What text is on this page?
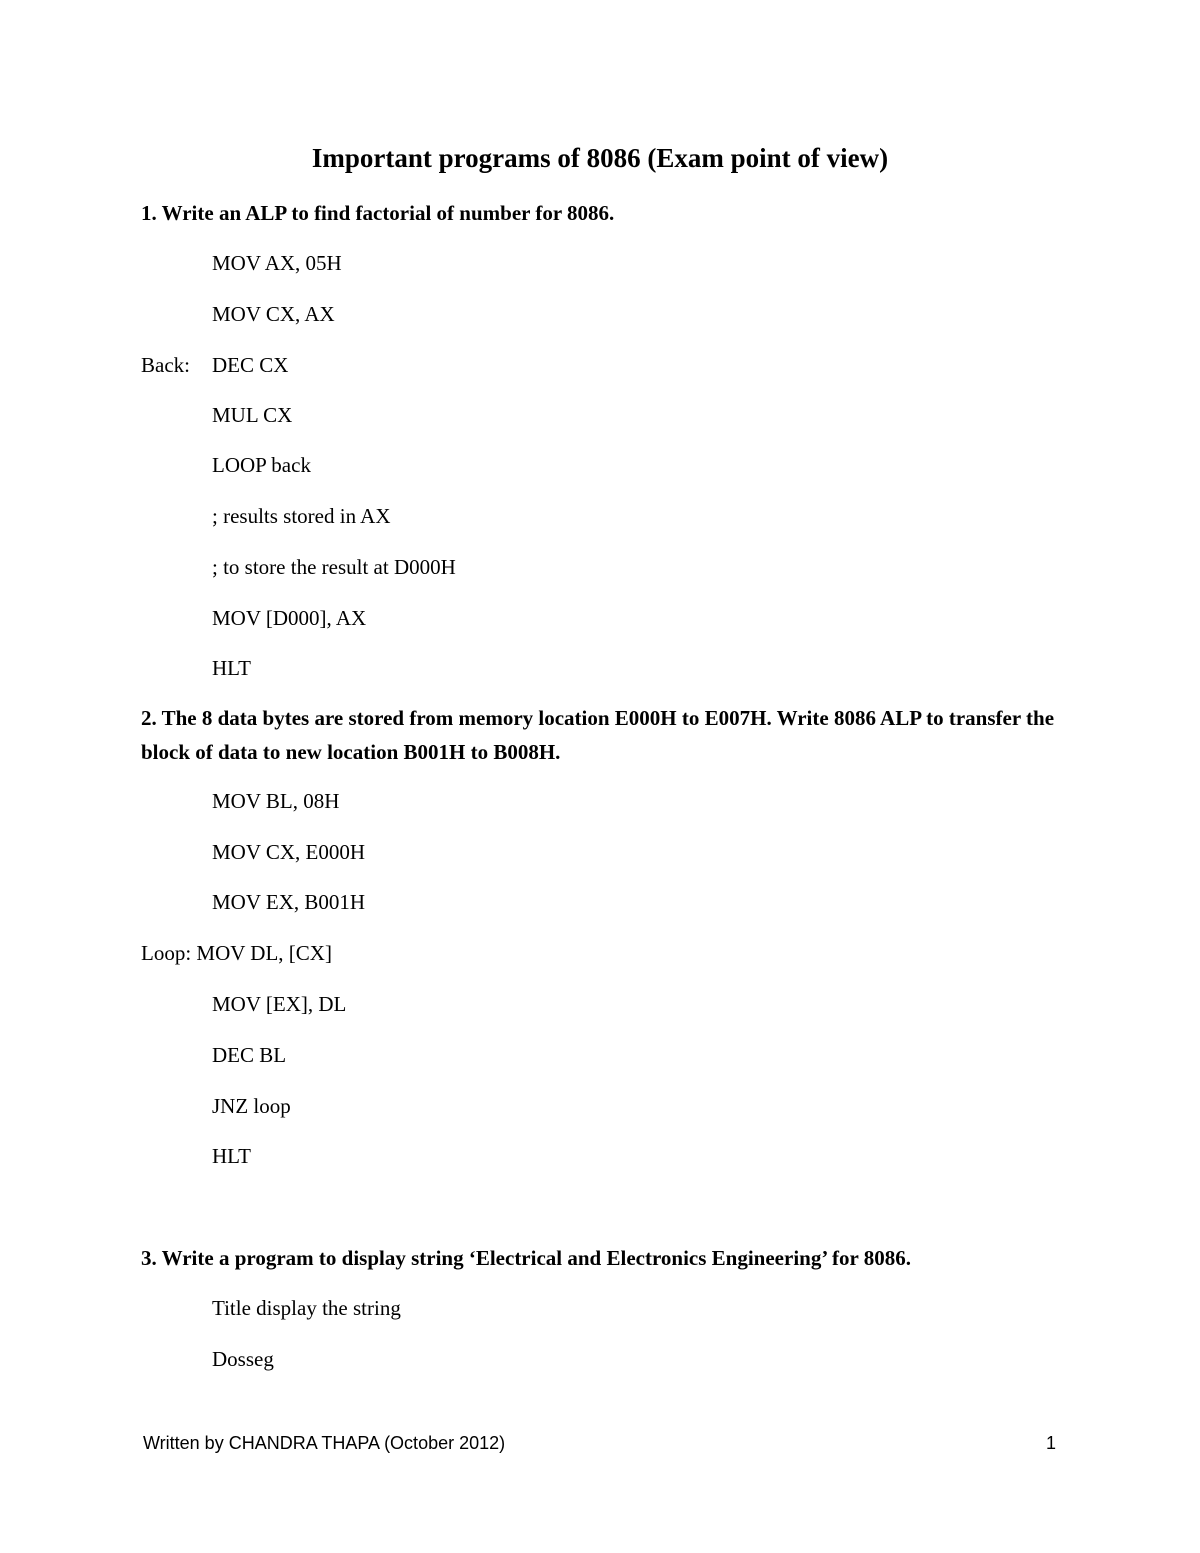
Important programs of 8086 (Exam point of view)

1. Write an ALP to find factorial of number for 8086.

MOV AX, 05H

MOV CX, AX

Back: DEC CX

MUL CX

LOOP back

; results stored in AX

; to store the result at D000H

MOV [D000], AX

HLT

2. The 8 data bytes are stored from memory location E000H to E007H. Write 8086 ALP to transfer the block of data to new location B001H to B008H.

MOV BL, 08H

MOV CX, E000H

MOV EX, B001H

Loop: MOV DL, [CX]

MOV [EX], DL

DEC BL

JNZ loop

HLT

3. Write a program to display string ‘Electrical and Electronics Engineering’ for 8086.

Title display the string

Dosseg

Written by CHANDRA THAPA (October 2012)	1
